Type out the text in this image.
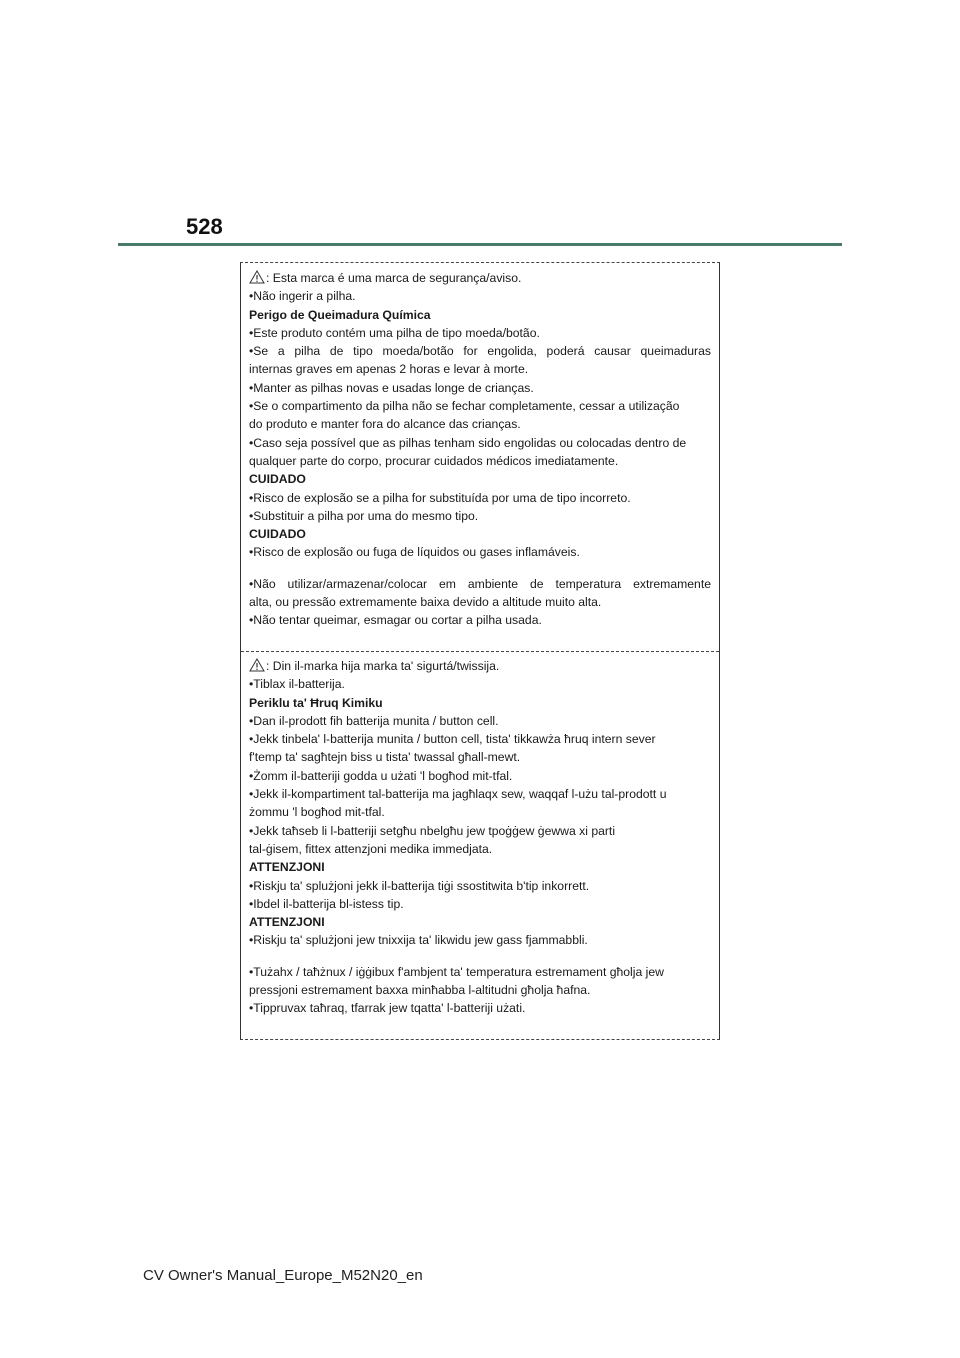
528
: Esta marca é uma marca de segurança/aviso.
•Não ingerir a pilha.
Perigo de Queimadura Química
•Este produto contém uma pilha de tipo moeda/botão.
•Se a pilha de tipo moeda/botão for engolida, poderá causar queimaduras
internas graves em apenas 2 horas e levar à morte.
•Manter as pilhas novas e usadas longe de crianças.
•Se o compartimento da pilha não se fechar completamente, cessar a utilização
do produto e manter fora do alcance das crianças.
•Caso seja possível que as pilhas tenham sido engolidas ou colocadas dentro de
qualquer parte do corpo, procurar cuidados médicos imediatamente.
CUIDADO
•Risco de explosão se a pilha for substituída por uma de tipo incorreto.
•Substituir a pilha por uma do mesmo tipo.
CUIDADO
•Risco de explosão ou fuga de líquidos ou gases inflamáveis.
•Não utilizar/armazenar/colocar em ambiente de temperatura extremamente
alta, ou pressão extremamente baixa devido a altitude muito alta.
•Não tentar queimar, esmagar ou cortar a pilha usada.
: Din il-marka hija marka ta' sigurtá/twissija.
•Tiblax il-batterija.
Periklu ta' Ħruq Kimiku
•Dan il-prodott fih batterija munita / button cell.
•Jekk tinbela' l-batterija munita / button cell, tista' tikkawża ħruq intern sever
f'temp ta' sagħtejn biss u tista' twassal għall-mewt.
•Żomm il-batteriji godda u użati 'l bogħod mit-tfal.
•Jekk il-kompartiment tal-batterija ma jagħlaqx sew, waqqaf l-użu tal-prodott u
żommu 'l bogħod mit-tfal.
•Jekk taħseb li l-batteriji setgħu nbelgħu jew tpoġġew ġewwa xi parti
tal-ġisem, fittex attenzjoni medika immedjata.
ATTENZJONI
•Riskju ta' splużjoni jekk il-batterija tiġi ssostitwita b'tip inkorrett.
•Ibdel il-batterija bl-istess tip.
ATTENZJONI
•Riskju ta' splużjoni jew tnixxija ta' likwidu jew gass fjammabbli.
•Tużahx / taħżnux / iġġibux f'ambjent ta' temperatura estremament għolja jew
pressjoni estremament baxxa minħabba l-altitudni għolja ħafna.
•Tippruvax taħraq, tfarrak jew tqatta' l-batteriji użati.
CV Owner's Manual_Europe_M52N20_en
